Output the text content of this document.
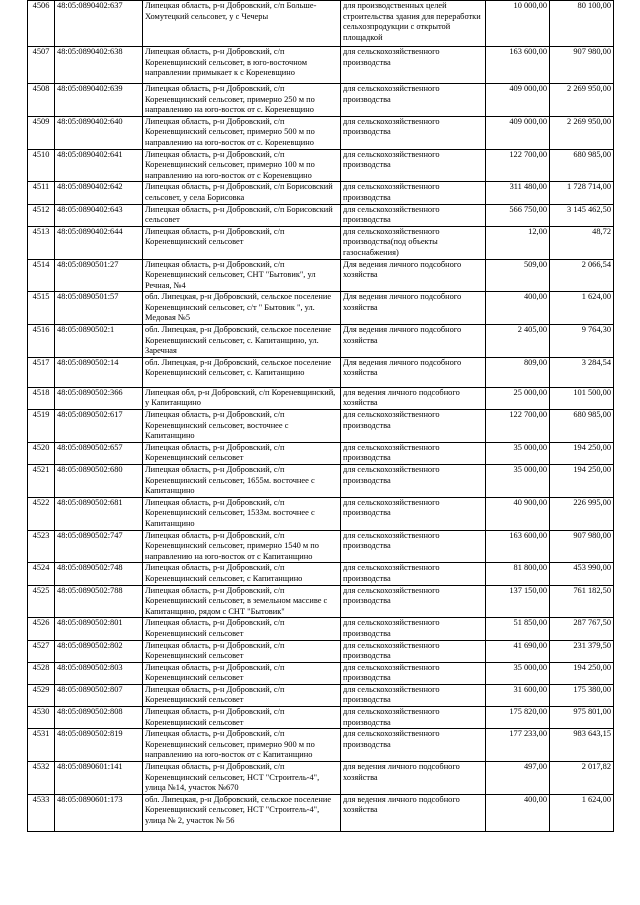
4506	48:05:0890402:637	Липецкая область, р-н Добровский, с/п Больше-Хомутецкий сельсовет, у с Чечеры	для производственных целей строительства здания для переработки сельхозпродукции с открытой площадкой	10 000,00	80 100,00
4507	48:05:0890402:638	Липецкая область, р-н Добровский, с/п Кореневщинский сельсовет, в юго-восточном направлении примыкает к с Кореневщино	для сельскохозяйственного производства	163 600,00	907 980,00
4508	48:05:0890402:639	Липецкая область, р-н Добровский, с/п Кореневщинский сельсовет, примерно 250 м по направлению на юго-восток от с. Кореневщино	для сельскохозяйственного производства	409 000,00	2 269 950,00
4509	48:05:0890402:640	Липецкая область, р-н Добровский, с/п Кореневщинский сельсовет, примерно 500 м по направлению на юго-восток от с. Кореневщино	для сельскохозяйственного производства	409 000,00	2 269 950,00
4510	48:05:0890402:641	Липецкая область, р-н Добровский, с/п Кореневщинский сельсовет, примерно 100 м по направлению на юго-восток от с Кореневщино	для сельскохозяйственного производства	122 700,00	680 985,00
4511	48:05:0890402:642	Липецкая область, р-н Добровский, с/п Борисовский сельсовет, у села Борисовка	для сельскохозяйственного производства	311 480,00	1 728 714,00
4512	48:05:0890402:643	Липецкая область, р-н Добровский, с/п Борисовский сельсовет	для сельскохозяйственного производства	566 750,00	3 145 462,50
4513	48:05:0890402:644	Липецкая область, р-н Добровский, с/п Кореневщинский сельсовет	для сельскохозяйственного производства(под объекты газоснабжения)	12,00	48,72
4514	48:05:0890501:27	Липецкая область, р-н Добровский, с/п Кореневщинский сельсовет, СНТ "Бытовик", ул Речная, №4	Для ведения личного подсобного хозяйства	509,00	2 066,54
4515	48:05:0890501:57	обл. Липецкая, р-н Добровский, сельское поселение Кореневщинский сельсовет, с/т " Бытовик ", ул. Медовая №5	Для ведения личного подсобного хозяйства	400,00	1 624,00
4516	48:05:0890502:1	обл. Липецкая, р-н Добровский, сельское поселение Кореневщинский сельсовет, с. Капитанщино, ул. Заречная	Для ведения личного подсобного хозяйства	2 405,00	9 764,30
4517	48:05:0890502:14	обл. Липецкая, р-н Добровский, сельское поселение Кореневщинский сельсовет, с. Капитанщино	Для ведения личного подсобного хозяйства	809,00	3 284,54
4518	48:05:0890502:366	Липецкая обл, р-н Добровский, с/п Кореневщинский, у Капитанщино	для ведения личного подсобного хозяйства	25 000,00	101 500,00
4519	48:05:0890502:617	Липецкая область, р-н Добровский, с/п Кореневщинский сельсовет, восточнее с Капитанщино	для сельскохозяйственного производства	122 700,00	680 985,00
4520	48:05:0890502:657	Липецкая область, р-н Добровский, с/п Кореневщинский сельсовет	для сельскохозяйственного производства	35 000,00	194 250,00
4521	48:05:0890502:680	Липецкая область, р-н Добровский, с/п Кореневщинский сельсовет, 1655м. восточнее с Капитанщино	для сельскохозяйственного производства	35 000,00	194 250,00
4522	48:05:0890502:681	Липецкая область, р-н Добровский, с/п Кореневщинский сельсовет, 1533м. восточнее с Капитанщино	для сельскохозяйственного производства	40 900,00	226 995,00
4523	48:05:0890502:747	Липецкая область, р-н Добровский, с/п Кореневщинский сельсовет, примерно 1540 м по направлению на юго-восток от с Капитанщино	для сельскохозяйственного производства	163 600,00	907 980,00
4524	48:05:0890502:748	Липецкая область, р-н Добровский, с/п Кореневщинский сельсовет, с Капитанщино	для сельскохозяйственного производства	81 800,00	453 990,00
4525	48:05:0890502:788	Липецкая область, р-н Добровский, с/п Кореневщинский сельсовет, в земельном массиве с Капитанщино, рядом с СНТ "Бытовик"	для сельскохозяйственного производства	137 150,00	761 182,50
4526	48:05:0890502:801	Липецкая область, р-н Добровский, с/п Кореневщинский сельсовет	для сельскохозяйственного производства	51 850,00	287 767,50
4527	48:05:0890502:802	Липецкая область, р-н Добровский, с/п Кореневщинский сельсовет	для сельскохозяйственного производства	41 690,00	231 379,50
4528	48:05:0890502:803	Липецкая область, р-н Добровский, с/п Кореневщинский сельсовет	для сельскохозяйственного производства	35 000,00	194 250,00
4529	48:05:0890502:807	Липецкая область, р-н Добровский, с/п Кореневщинский сельсовет	для сельскохозяйственного производства	31 600,00	175 380,00
4530	48:05:0890502:808	Липецкая область, р-н Добровский, с/п Кореневщинский сельсовет	для сельскохозяйственного производства	175 820,00	975 801,00
4531	48:05:0890502:819	Липецкая область, р-н Добровский, с/п Кореневщинский сельсовет, примерно 900 м по направлению на юго-восток от с Капитанщино	для сельскохозяйственного производства	177 233,00	983 643,15
4532	48:05:0890601:141	Липецкая область, р-н Добровский, с/п Кореневщинский сельсовет, НСТ "Строитель-4", улица №14, участок №670	для ведения личного подсобного хозяйства	497,00	2 017,82
4533	48:05:0890601:173	обл. Липецкая, р-н Добровский, сельское поселение Кореневщинский сельсовет, НСТ "Строитель-4", улица № 2, участок № 56	для ведения личного подсобного хозяйства	400,00	1 624,00
